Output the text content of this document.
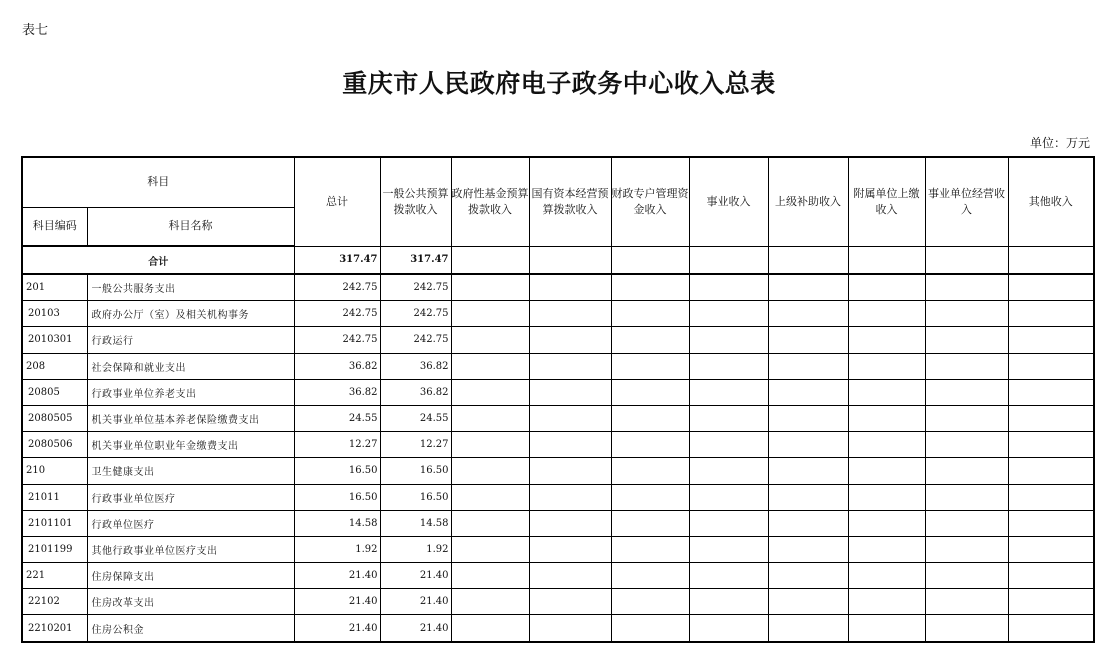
表七
重庆市人民政府电子政务中心收入总表
单位：万元
科目		总计	一般公共预算拨款收入	政府性基金预算拨款收入	国有资本经营预算拨款收入	财政专户管理资金收入	事业收入	上级补助收入	附属单位上缴收入	事业单位经营收入	其他收入
科目编码	科目名称										
合计		317.47	317.47								
201	一般公共服务支出	242.75	242.75								
20103	政府办公厅（室）及相关机构事务	242.75	242.75								
2010301	行政运行	242.75	242.75								
208	社会保障和就业支出	36.82	36.82								
20805	行政事业单位养老支出	36.82	36.82								
2080505	机关事业单位基本养老保险缴费支出	24.55	24.55								
2080506	机关事业单位职业年金缴费支出	12.27	12.27								
210	卫生健康支出	16.50	16.50								
21011	行政事业单位医疗	16.50	16.50								
2101101	行政单位医疗	14.58	14.58								
2101199	其他行政事业单位医疗支出	1.92	1.92								
221	住房保障支出	21.40	21.40								
22102	住房改革支出	21.40	21.40								
2210201	住房公积金	21.40	21.40								
